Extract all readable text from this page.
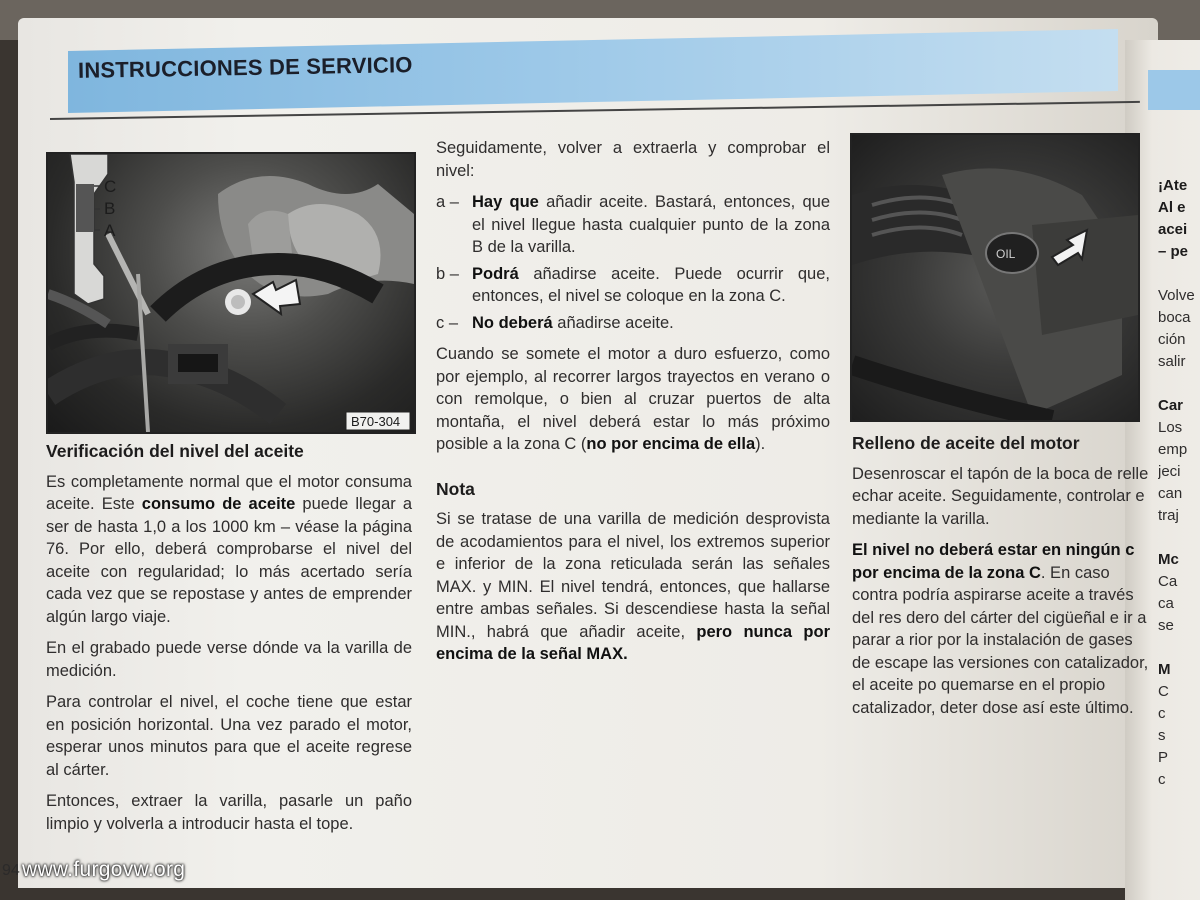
INSTRUCCIONES DE SERVICIO
C
B
A
B70-304
OIL
Verificación del nivel del aceite

Es completamente normal que el motor consuma aceite. Este consumo de aceite puede llegar a ser de hasta 1,0 a los 1000 km – véase la página 76. Por ello, deberá comprobarse el nivel del aceite con regularidad; lo más acertado sería cada vez que se repostase y antes de emprender algún largo viaje.

En el grabado puede verse dónde va la varilla de medición.

Para controlar el nivel, el coche tiene que estar en posición horizontal. Una vez parado el motor, esperar unos minutos para que el aceite regrese al cárter.

Entonces, extraer la varilla, pasarle un paño limpio y volverla a introducir hasta el tope.

Seguidamente, volver a extraerla y comprobar el nivel:

a – Hay que añadir aceite. Bastará, entonces, que el nivel llegue hasta cualquier punto de la zona B de la varilla.
b – Podrá añadirse aceite. Puede ocurrir que, entonces, el nivel se coloque en la zona C.
c – No deberá añadirse aceite.

Cuando se somete el motor a duro esfuerzo, como por ejemplo, al recorrer largos trayectos en verano o con remolque, o bien al cruzar puertos de alta montaña, el nivel deberá estar lo más próximo posible a la zona C (no por encima de ella).

Nota

Si se tratase de una varilla de medición desprovista de acodamientos para el nivel, los extremos superior e inferior de la zona reticulada serán las señales MAX. y MIN. El nivel tendrá, entonces, que hallarse entre ambas señales. Si descendiese hasta la señal MIN., habrá que añadir aceite, pero nunca por encima de la señal MAX.

Relleno de aceite del motor

Desenroscar el tapón de la boca de relle echar aceite. Seguidamente, controlar e mediante la varilla.

El nivel no deberá estar en ningún c por encima de la zona C. En caso contra podría aspirarse aceite a través del res dero del cárter del cigüeñal e ir a parar a rior por la instalación de gases de escape las versiones con catalizador, el aceite po quemarse en el propio catalizador, deter dose así este último.

¡Ate
Al e
acei
– pe

Volve
boca
ción
salir

Car
Los
emp
jeci
can
traj

Mc
Ca
ca
se

M
C
c
s
P
c
94 www.furgovw.org
